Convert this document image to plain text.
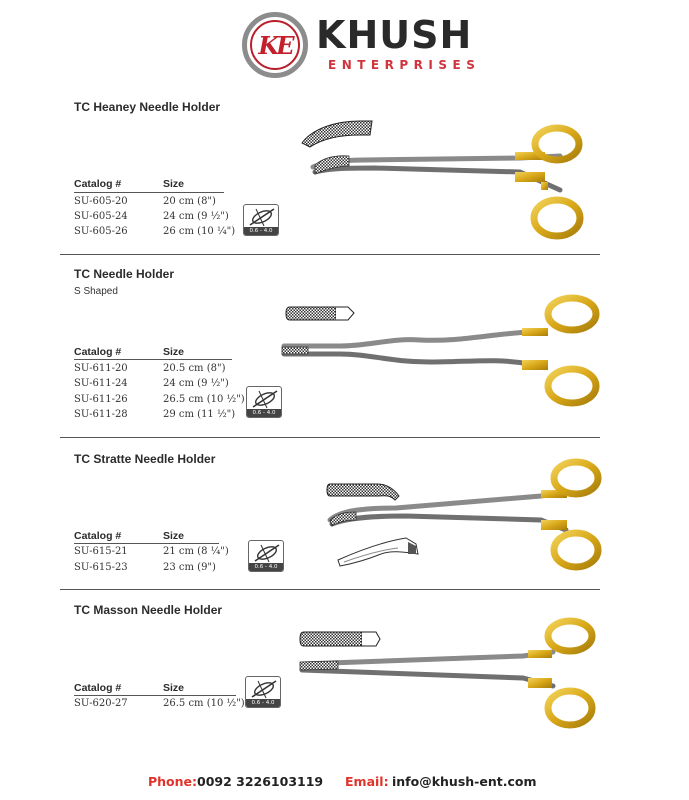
KE KHUSH
ENTERPRISES
TC Heaney Needle Holder
Catalog #	Size
SU-605-20	20 cm (8")
SU-605-24	24 cm (9 ½")
SU-605-26	26 cm (10 ¼")	0.6 - 4.0
TC Needle Holder
S Shaped
Catalog #	Size
SU-611-20	20.5 cm (8")
SU-611-24	24 cm (9 ½")
SU-611-26	26.5 cm (10 ½")
SU-611-28	29 cm (11 ½")	0.6 - 4.0
TC Stratte Needle Holder
Catalog #	Size
SU-615-21	21 cm (8 ¼")
SU-615-23	23 cm (9")	0.6 - 4.0
TC Masson Needle Holder
Catalog #	Size
SU-620-27	26.5 cm (10 ½")	0.6 - 4.0
Phone: 0092 3226103119 Email: info@khush-ent.com
